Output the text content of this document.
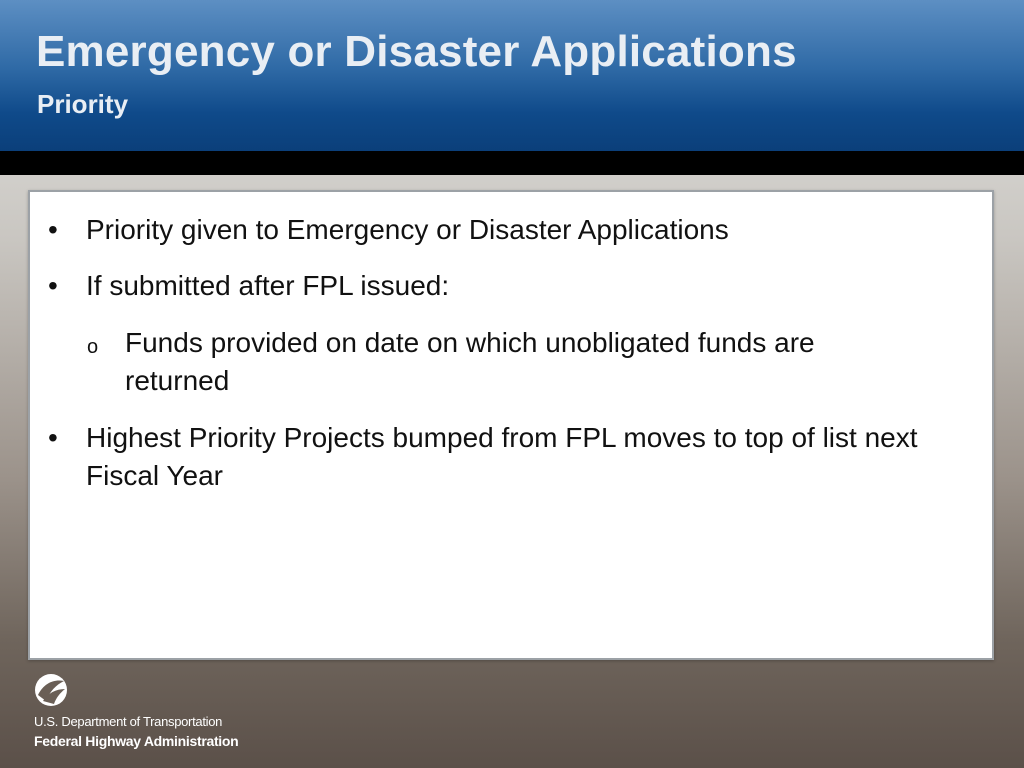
Emergency or Disaster Applications
Priority
• Priority given to Emergency or Disaster Applications
• If submitted after FPL issued:
o Funds provided on date on which unobligated funds are returned
• Highest Priority Projects bumped from FPL moves to top of list next Fiscal Year
U.S. Department of Transportation
Federal Highway Administration
